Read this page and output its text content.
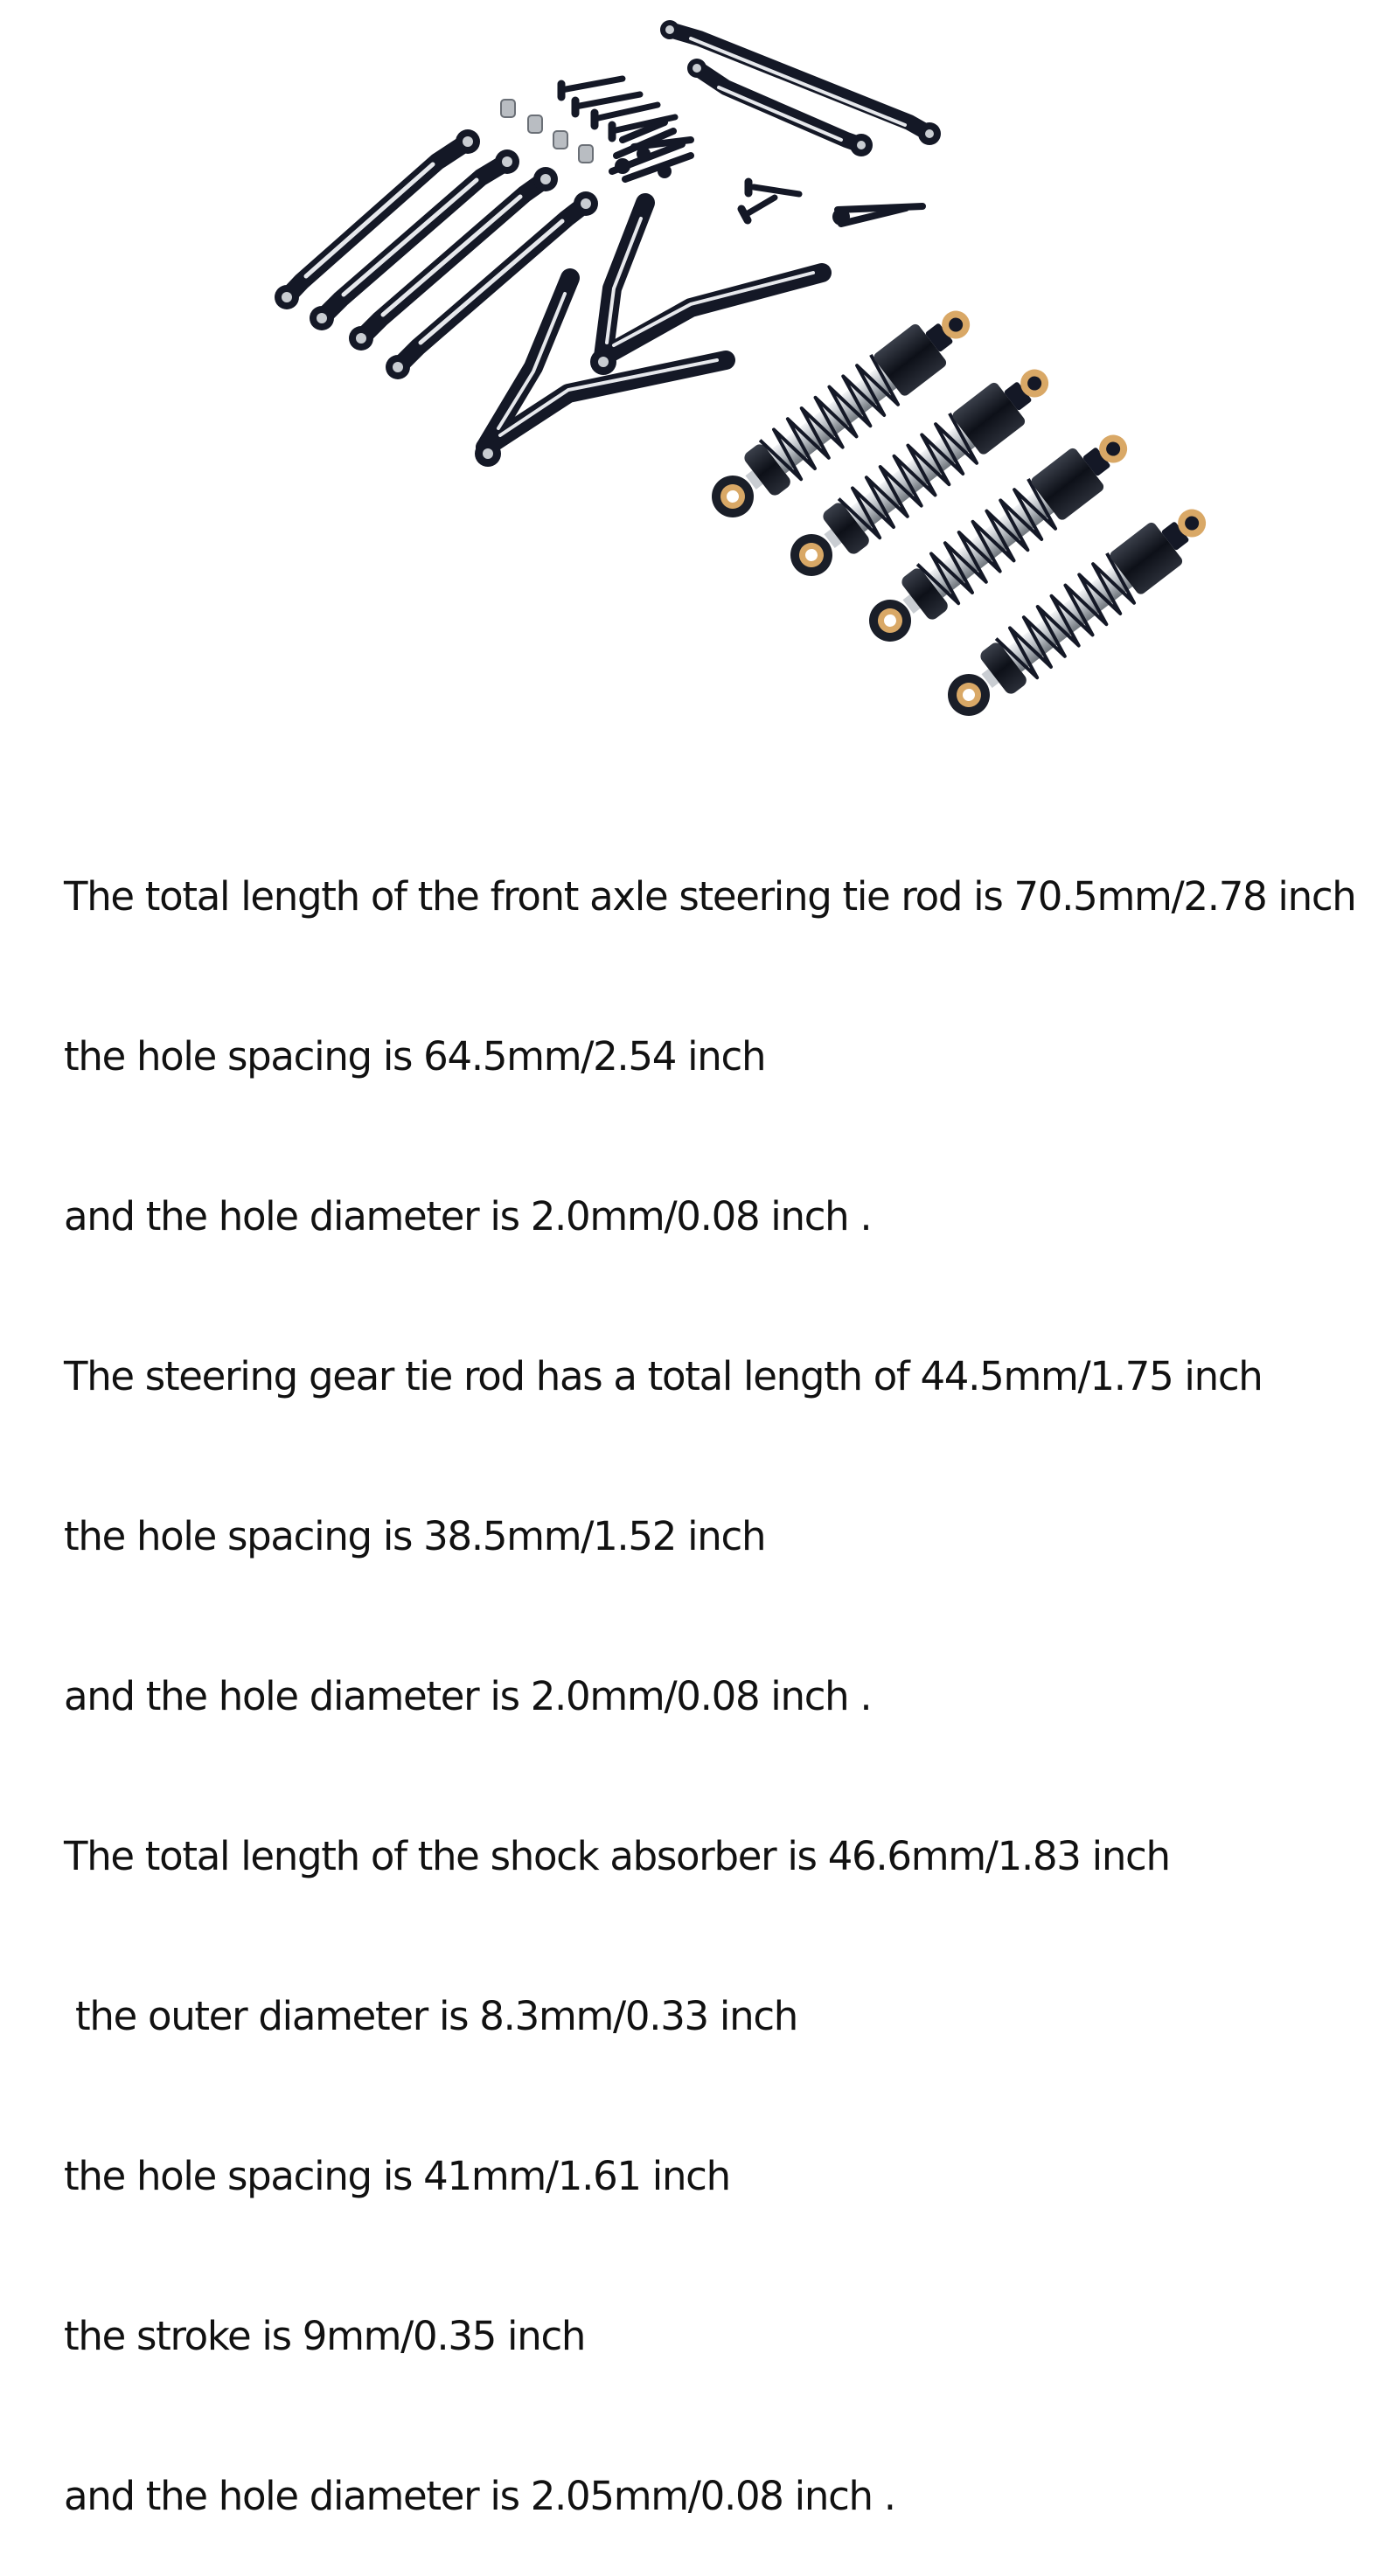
The total length of the front axle steering tie rod is 70.5mm/2.78 inch

the hole spacing is 64.5mm/2.54 inch

and the hole diameter is 2.0mm/0.08 inch .

The steering gear tie rod has a total length of 44.5mm/1.75 inch

the hole spacing is 38.5mm/1.52 inch

and the hole diameter is 2.0mm/0.08 inch .

The total length of the shock absorber is 46.6mm/1.83 inch

the outer diameter is 8.3mm/0.33 inch

the hole spacing is 41mm/1.61 inch

the stroke is 9mm/0.35 inch

and the hole diameter is 2.05mm/0.08 inch .
